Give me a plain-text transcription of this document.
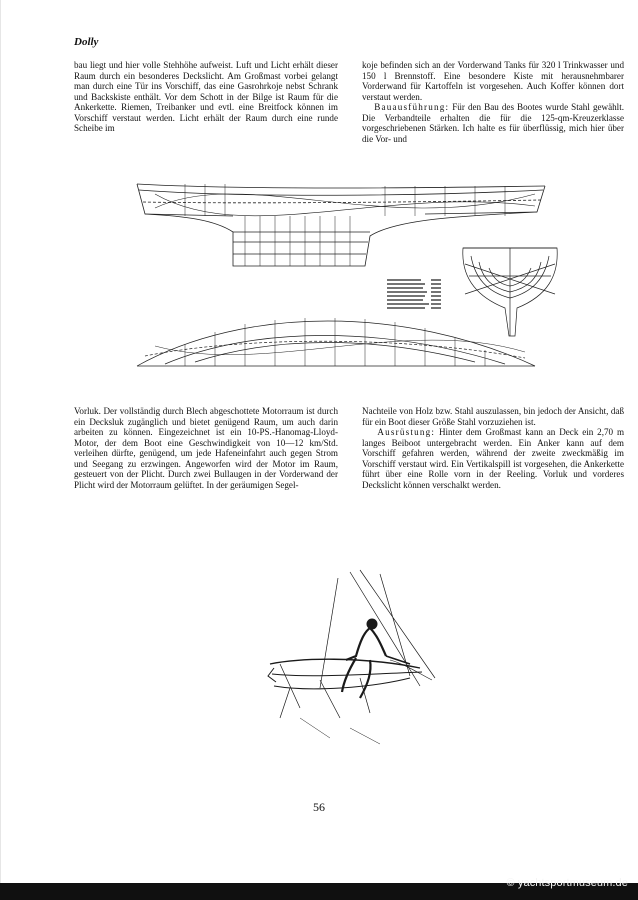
Dolly

bau liegt und hier volle Stehhöhe aufweist. Luft und Licht erhält dieser Raum durch ein besonderes Deckslicht. Am Großmast vorbei gelangt man durch eine Tür ins Vorschiff, das eine Gasrohrkoje nebst Schrank und Backskiste enthält. Vor dem Schott in der Bilge ist Raum für die Ankerkette. Riemen, Treibanker und evtl. eine Breitfock können im Vorschiff verstaut werden. Licht erhält der Raum durch eine runde Scheibe im

koje befinden sich an der Vorderwand Tanks für 320 l Trinkwasser und 150 l Brennstoff. Eine besondere Kiste mit herausnehmbarer Vorderwand für Kartoffeln ist vorgesehen. Auch Koffer können dort verstaut werden.
Bauausführung: Für den Bau des Bootes wurde Stahl gewählt. Die Verbandteile erhalten die für die 125-qm-Kreuzerklasse vorgeschriebenen Stärken. Ich halte es für überflüssig, mich hier über die Vor- und

Vorluk. Der vollständig durch Blech abgeschottete Motorraum ist durch ein Decksluk zugänglich und bietet genügend Raum, um auch darin arbeiten zu können. Eingezeichnet ist ein 10-PS.-Hanomag-Lloyd-Motor, der dem Boot eine Geschwindigkeit von 10—12 km/Std. verleihen dürfte, genügend, um jede Hafeneinfahrt auch gegen Strom und Seegang zu erzwingen. Angeworfen wird der Motor im Raum, gesteuert von der Plicht. Durch zwei Bullaugen in der Vorderwand der Plicht wird der Motorraum gelüftet. In der geräumigen Segel-

Nachteile von Holz bzw. Stahl auszulassen, bin jedoch der Ansicht, daß für ein Boot dieser Größe Stahl vorzuziehen ist.
Ausrüstung: Hinter dem Großmast kann an Deck ein 2,70 m langes Beiboot untergebracht werden. Ein Anker kann auf dem Vorschiff gefahren werden, während der zweite zweckmäßig im Vorschiff verstaut wird. Ein Vertikalspill ist vorgesehen, die Ankerkette führt über eine Rolle vorn in der Reeling. Vorluk und vorderes Deckslicht können verschalkt werden.

56
© yachtsportmuseum.de
